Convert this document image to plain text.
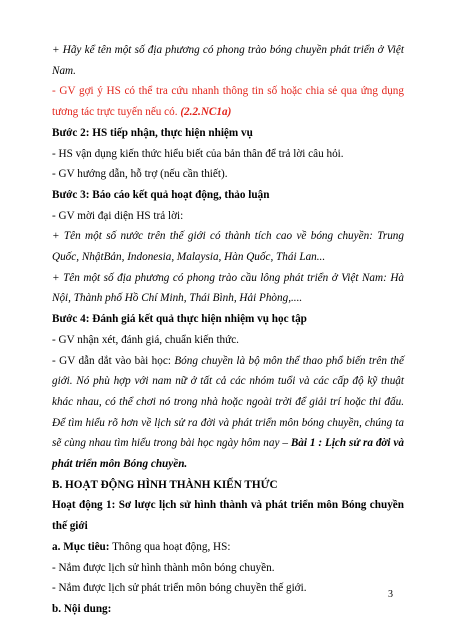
+ Hãy kể tên một số địa phương có phong trào bóng chuyền phát triển ở Việt Nam.

- GV gợi ý HS có thể tra cứu nhanh thông tin số hoặc chia sẻ qua ứng dụng tương tác trực tuyến nếu có. (2.2.NC1a)

Bước 2: HS tiếp nhận, thực hiện nhiệm vụ

- HS vận dụng kiến thức hiểu biết của bản thân để trả lời câu hỏi.

- GV hướng dẫn, hỗ trợ (nếu cần thiết).

Bước 3: Báo cáo kết quả hoạt động, thảo luận

- GV mời đại diện HS trả lời:

+ Tên một số nước trên thế giới có thành tích cao về bóng chuyền: Trung Quốc, NhậtBản, Indonesia, Malaysia, Hàn Quốc, Thái Lan...

+ Tên một số địa phương có phong trào cầu lông phát triển ở Việt Nam: Hà Nội, Thành phố Hồ Chí Minh, Thái Bình, Hải Phòng,....

Bước 4: Đánh giá kết quả thực hiện nhiệm vụ học tập

- GV nhận xét, đánh giá, chuẩn kiến thức.

- GV dẫn dắt vào bài học: Bóng chuyền là bộ môn thể thao phổ biến trên thế giới. Nó phù hợp với nam nữ ở tất cả các nhóm tuổi và các cấp độ kỹ thuật khác nhau, có thể chơi nó trong nhà hoặc ngoài trời để giải trí hoặc thi đấu. Để tìm hiểu rõ hơn về lịch sử ra đời và phát triển môn bóng chuyền, chúng ta sẽ cùng nhau tìm hiểu trong bài học ngày hôm nay – Bài 1 : Lịch sử ra đời và phát triển môn Bóng chuyền.

B. HOẠT ĐỘNG HÌNH THÀNH KIẾN THỨC

Hoạt động 1: Sơ lược lịch sử hình thành và phát triển môn Bóng chuyền thế giới

a. Mục tiêu: Thông qua hoạt động, HS:

- Nắm được lịch sử hình thành môn bóng chuyền.

- Nắm được lịch sử phát triển môn bóng chuyền thế giới.

b. Nội dung:

3
